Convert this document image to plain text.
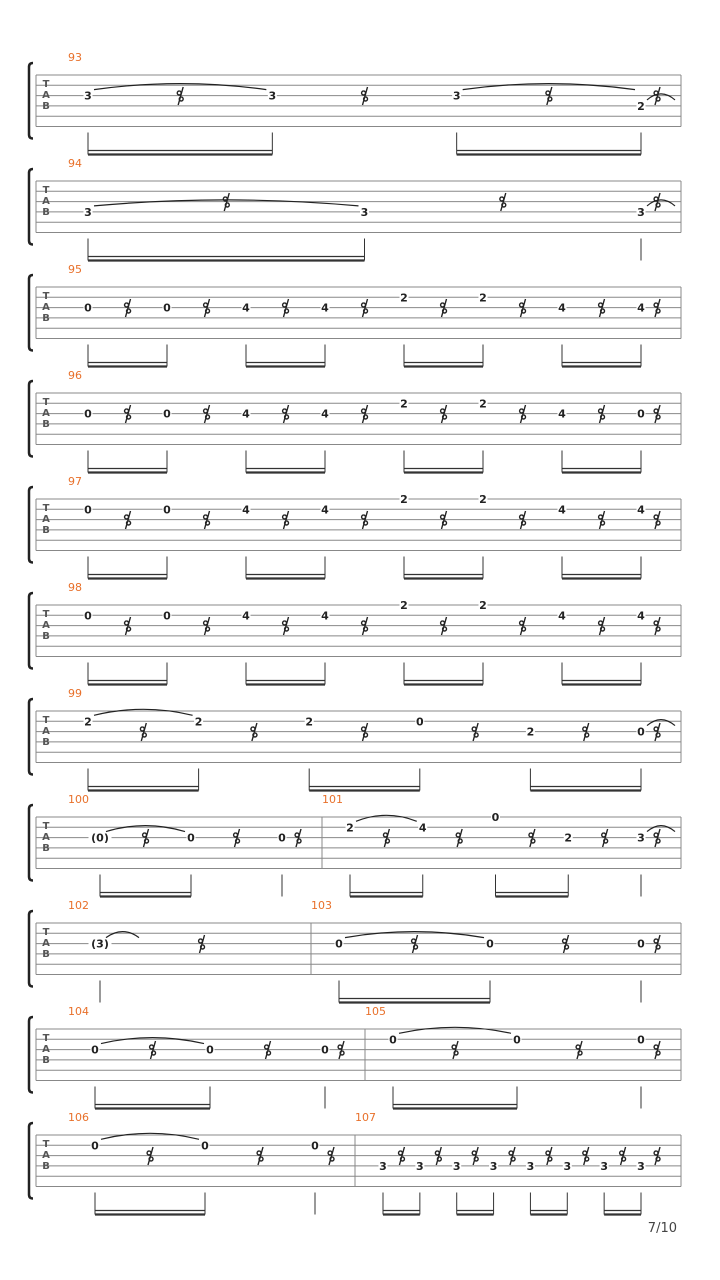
T
A
B
93
3	3	3
2
T
A
B
94
3	3	3
T
A
B
95
0	0	4	4
2	2
4	4
T
A
B
96
0	0	4	4
2	2
4	0
T
A
B
97
0	0	4	4
2	2
4	4
T
A
B
98
0	0	4	4
2	2
4	4
T
A
B
99
2	2	2	0
2	0
T
A
B
100
(0)	0	0
101
2	4
0
2	3
T
A
B
102
(3)
103
0	0	0
T
A
B
104
0	0	0
105
0	0	0
T
A
B
106
0	0	0
107
3	3	3	3	3	3	3	3
7/10
